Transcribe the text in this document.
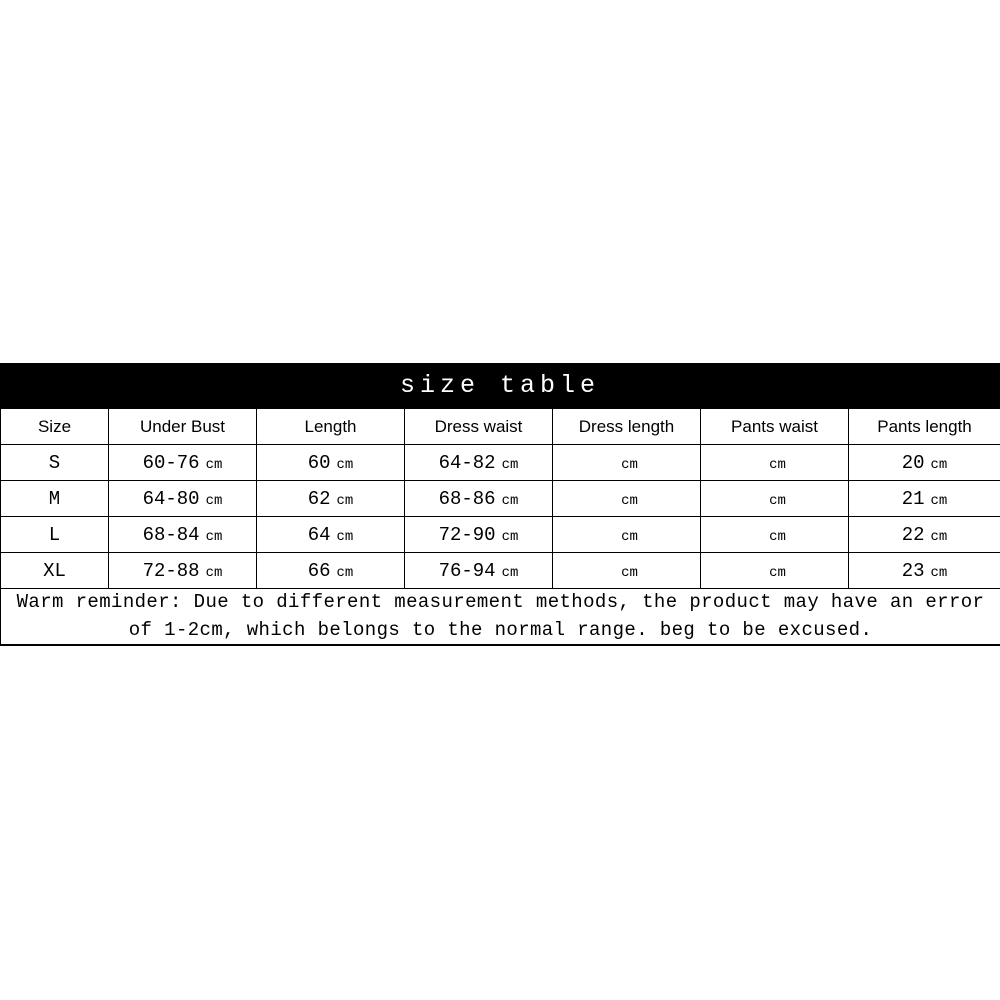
size table
Size	Under Bust	Length	Dress waist	Dress length	Pants waist	Pants length
S	60-76 cm	60 cm	64-82 cm	cm	cm	20 cm
M	64-80 cm	62 cm	68-86 cm	cm	cm	21 cm
L	68-84 cm	64 cm	72-90 cm	cm	cm	22 cm
XL	72-88 cm	66 cm	76-94 cm	cm	cm	23 cm
Warm reminder: Due to different measurement methods, the product may have an error of 1-2cm, which belongs to the normal range. beg to be excused.						
